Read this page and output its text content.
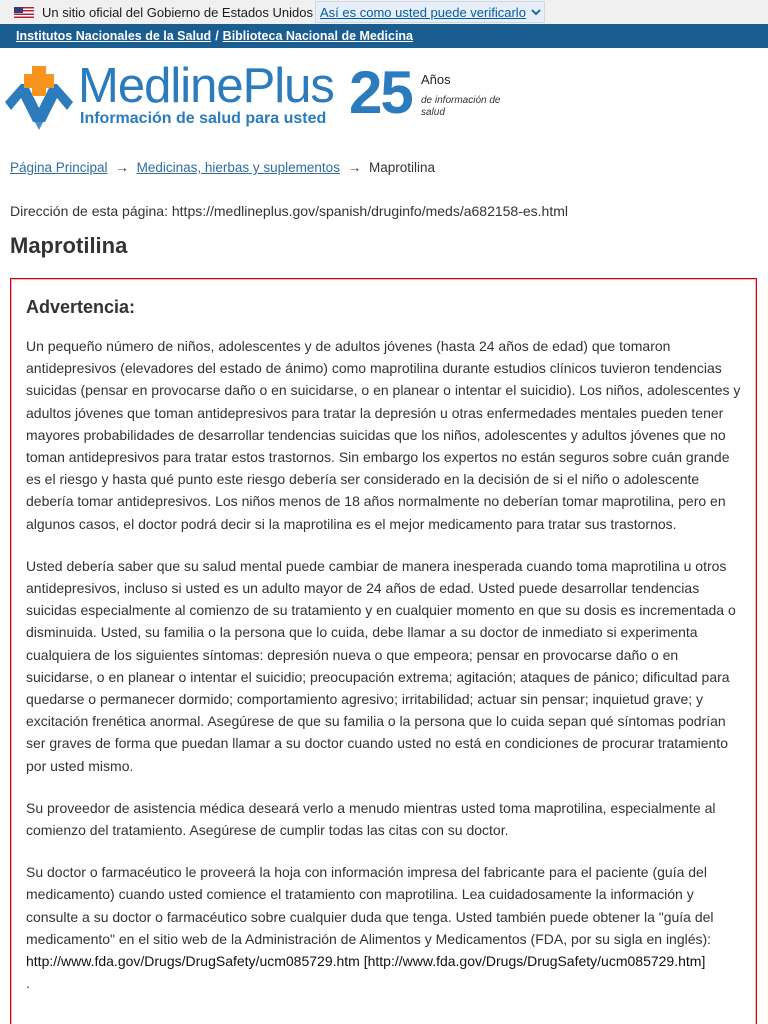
Un sitio oficial del Gobierno de Estados Unidos Así es como usted puede verificarlo
Institutos Nacionales de la Salud / Biblioteca Nacional de Medicina
MedlinePlus
Información de salud para usted 25 Años
de información de salud
Página Principal → Medicinas, hierbas y suplementos → Maprotilina
Dirección de esta página: https://medlineplus.gov/spanish/druginfo/meds/a682158-es.html
Maprotilina
Advertencia:

Un pequeño número de niños, adolescentes y de adultos jóvenes (hasta 24 años de edad) que tomaron antidepresivos (elevadores del estado de ánimo) como maprotilina durante estudios clínicos tuvieron tendencias suicidas (pensar en provocarse daño o en suicidarse, o en planear o intentar el suicidio). Los niños, adolescentes y adultos jóvenes que toman antidepresivos para tratar la depresión u otras enfermedades mentales pueden tener mayores probabilidades de desarrollar tendencias suicidas que los niños, adolescentes y adultos jóvenes que no toman antidepresivos para tratar estos trastornos. Sin embargo los expertos no están seguros sobre cuán grande es el riesgo y hasta qué punto este riesgo debería ser considerado en la decisión de si el niño o adolescente debería tomar antidepresivos. Los niños menos de 18 años normalmente no deberían tomar maprotilina, pero en algunos casos, el doctor podrá decir si la maprotilina es el mejor medicamento para tratar sus trastornos.

Usted debería saber que su salud mental puede cambiar de manera inesperada cuando toma maprotilina u otros antidepresivos, incluso si usted es un adulto mayor de 24 años de edad. Usted puede desarrollar tendencias suicidas especialmente al comienzo de su tratamiento y en cualquier momento en que su dosis es incrementada o disminuida. Usted, su familia o la persona que lo cuida, debe llamar a su doctor de inmediato si experimenta cualquiera de los siguientes síntomas: depresión nueva o que empeora; pensar en provocarse daño o en suicidarse, o en planear o intentar el suicidio; preocupación extrema; agitación; ataques de pánico; dificultad para quedarse o permanecer dormido; comportamiento agresivo; irritabilidad; actuar sin pensar; inquietud grave; y excitación frenética anormal. Asegúrese de que su familia o la persona que lo cuida sepan qué síntomas podrían ser graves de forma que puedan llamar a su doctor cuando usted no está en condiciones de procurar tratamiento por usted mismo.

Su proveedor de asistencia médica deseará verlo a menudo mientras usted toma maprotilina, especialmente al comienzo del tratamiento. Asegúrese de cumplir todas las citas con su doctor.

Su doctor o farmacéutico le proveerá la hoja con información impresa del fabricante para el paciente (guía del medicamento) cuando usted comience el tratamiento con maprotilina. Lea cuidadosamente la información y consulte a su doctor o farmacéutico sobre cualquier duda que tenga. Usted también puede obtener la "guía del medicamento" en el sitio web de la Administración de Alimentos y Medicamentos (FDA, por su sigla en inglés): http://www.fda.gov/Drugs/DrugSafety/ucm085729.htm [http://www.fda.gov/Drugs/DrugSafety/ucm085729.htm]
.
